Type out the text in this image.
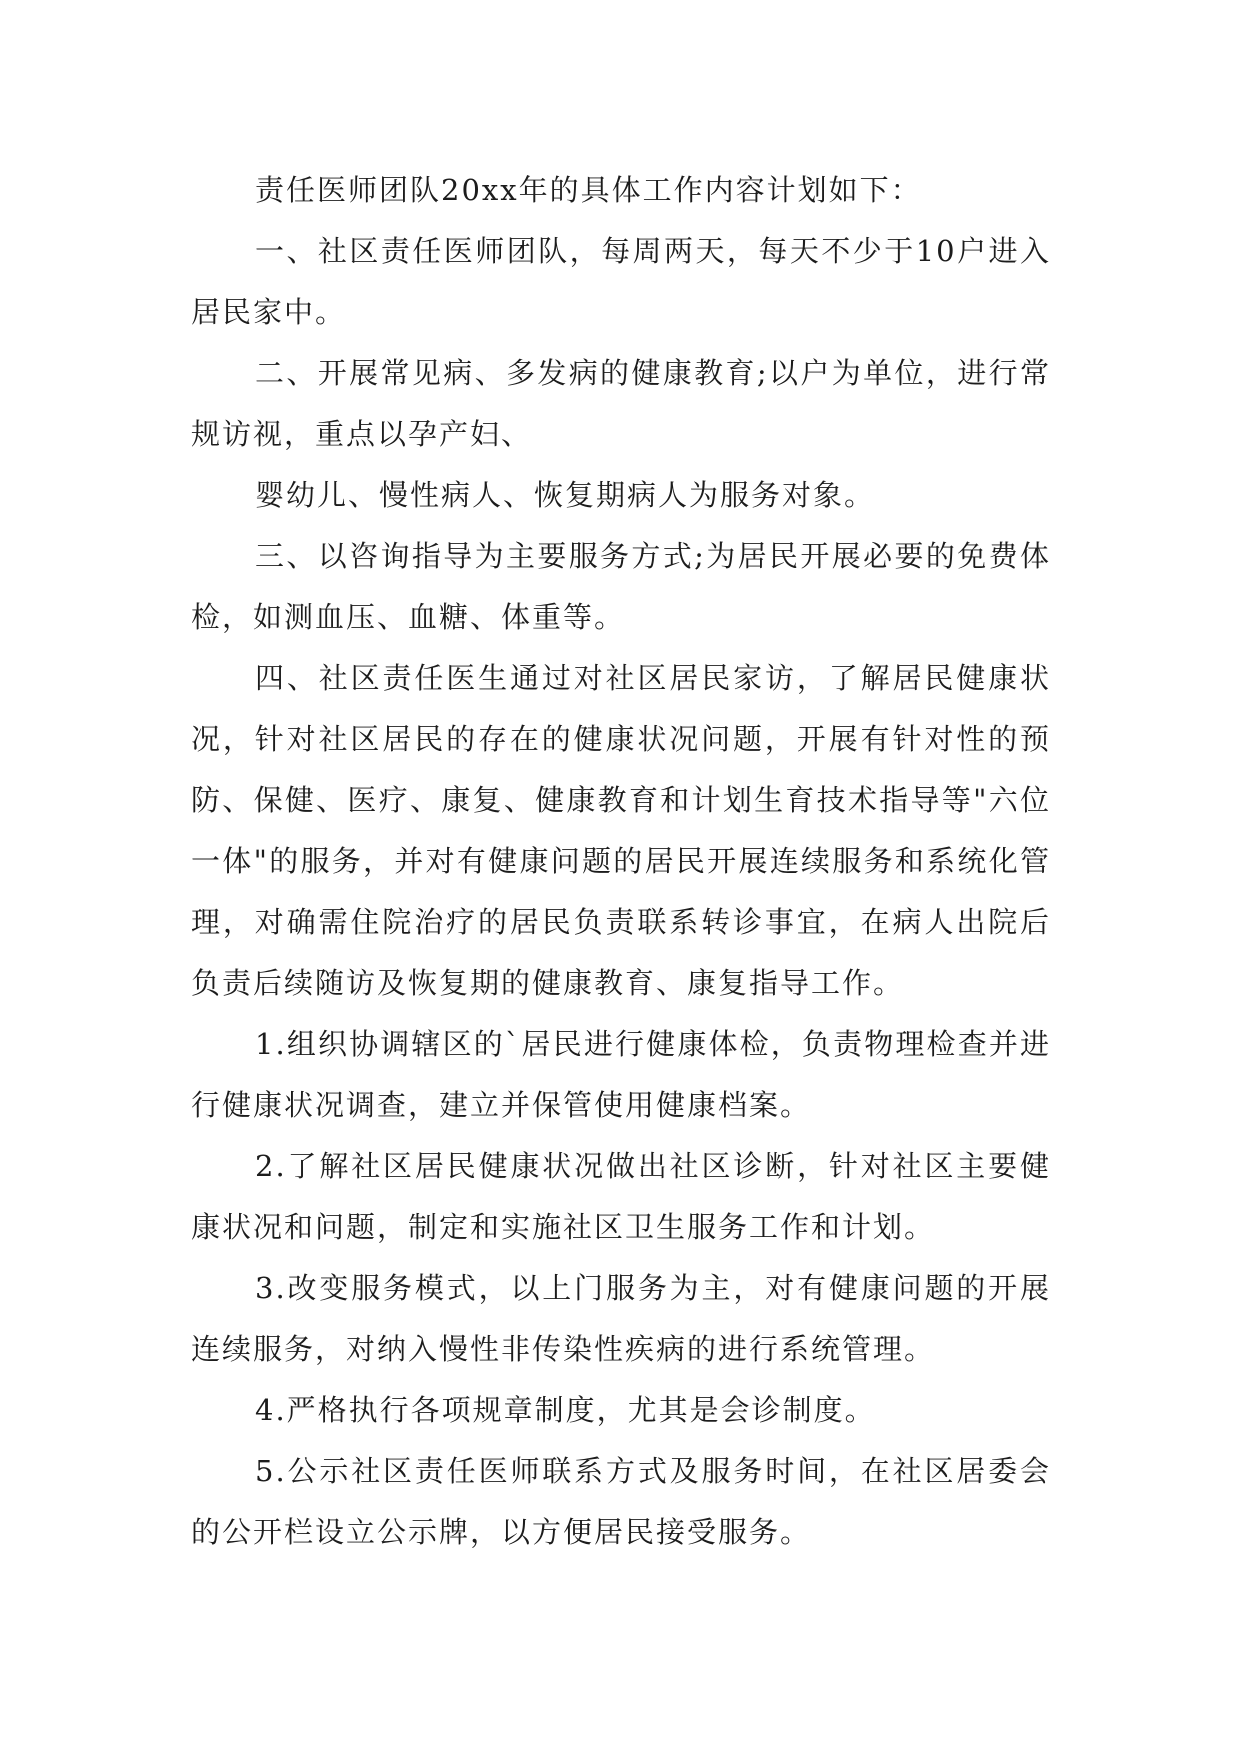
责任医师团队20xx年的具体工作内容计划如下：

一、社区责任医师团队，每周两天，每天不少于10户进入居民家中。

二、开展常见病、多发病的健康教育;以户为单位，进行常规访视，重点以孕产妇、

婴幼儿、慢性病人、恢复期病人为服务对象。

三、以咨询指导为主要服务方式;为居民开展必要的免费体检，如测血压、血糖、体重等。

四、社区责任医生通过对社区居民家访，了解居民健康状况，针对社区居民的存在的健康状况问题，开展有针对性的预防、保健、医疗、康复、健康教育和计划生育技术指导等"六位一体"的服务，并对有健康问题的居民开展连续服务和系统化管理，对确需住院治疗的居民负责联系转诊事宜，在病人出院后负责后续随访及恢复期的健康教育、康复指导工作。

1.组织协调辖区的`居民进行健康体检，负责物理检查并进行健康状况调查，建立并保管使用健康档案。

2.了解社区居民健康状况做出社区诊断，针对社区主要健康状况和问题，制定和实施社区卫生服务工作和计划。

3.改变服务模式，以上门服务为主，对有健康问题的开展连续服务，对纳入慢性非传染性疾病的进行系统管理。

4.严格执行各项规章制度，尤其是会诊制度。

5.公示社区责任医师联系方式及服务时间，在社区居委会的公开栏设立公示牌，以方便居民接受服务。
